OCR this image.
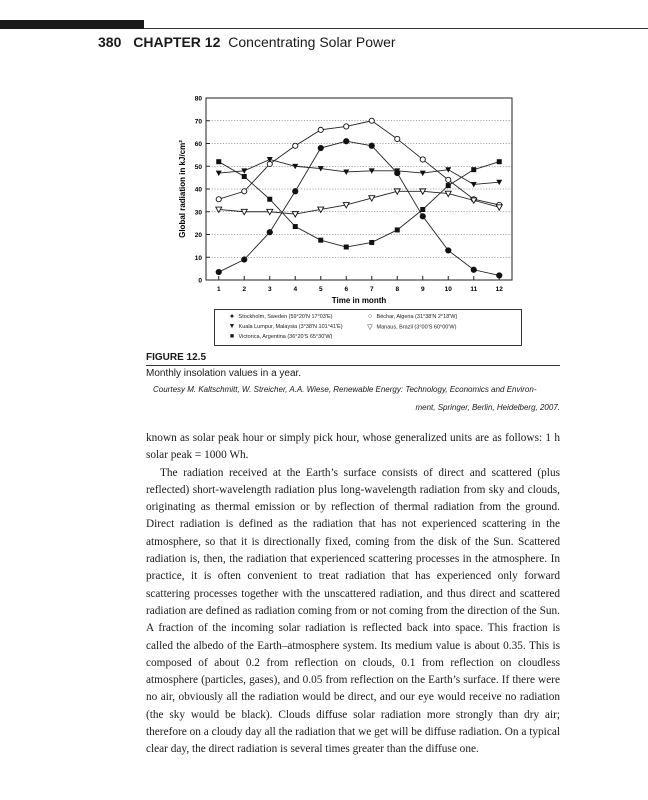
380 CHAPTER 12 Concentrating Solar Power
0
10
20
30
40
50
60
70
80
1	2	3	4	5	6	7	8	9	10	11	12
Time in month
Global radiation in kJ/cm²
● Stockholm, Sweden (59°20'N 17°03'E)
▼ Kuala Lumpur, Malaysia (3°38'N 101°41'E)
■ Victorica, Argentina (36°20'S 65°30'W)
○ Béchar, Algeria (31°38'N 2°18'W)
▽ Manaus, Brazil (3°00'S 60°00'W)
FIGURE 12.5
Monthly insolation values in a year.
Courtesy M. Kaltschmitt, W. Streicher, A.A. Wiese, Renewable Energy: Technology, Economics and Environ-
ment, Springer, Berlin, Heidelberg, 2007.

known as solar peak hour or simply pick hour, whose generalized units are as follows: 1 h solar peak = 1000 Wh.

The radiation received at the Earth’s surface consists of direct and scattered (plus reflected) short-wavelength radiation plus long-wavelength radiation from sky and clouds, originating as thermal emission or by reflection of thermal radiation from the ground. Direct radiation is defined as the radiation that has not experienced scattering in the atmosphere, so that it is directionally fixed, coming from the disk of the Sun. Scattered radiation is, then, the radiation that experienced scattering processes in the atmosphere. In practice, it is often convenient to treat radiation that has experienced only forward scattering processes together with the unscattered radiation, and thus direct and scattered radiation are defined as radiation coming from or not coming from the direction of the Sun. A fraction of the incoming solar radiation is reflected back into space. This fraction is called the albedo of the Earth–atmosphere system. Its medium value is about 0.35. This is composed of about 0.2 from reflection on clouds, 0.1 from reflection on cloudless atmosphere (particles, gases), and 0.05 from reflection on the Earth’s surface. If there were no air, obviously all the radiation would be direct, and our eye would receive no radiation (the sky would be black). Clouds diffuse solar radiation more strongly than dry air; therefore on a cloudy day all the radiation that we get will be diffuse radiation. On a typical clear day, the direct radiation is several times greater than the diffuse one.
